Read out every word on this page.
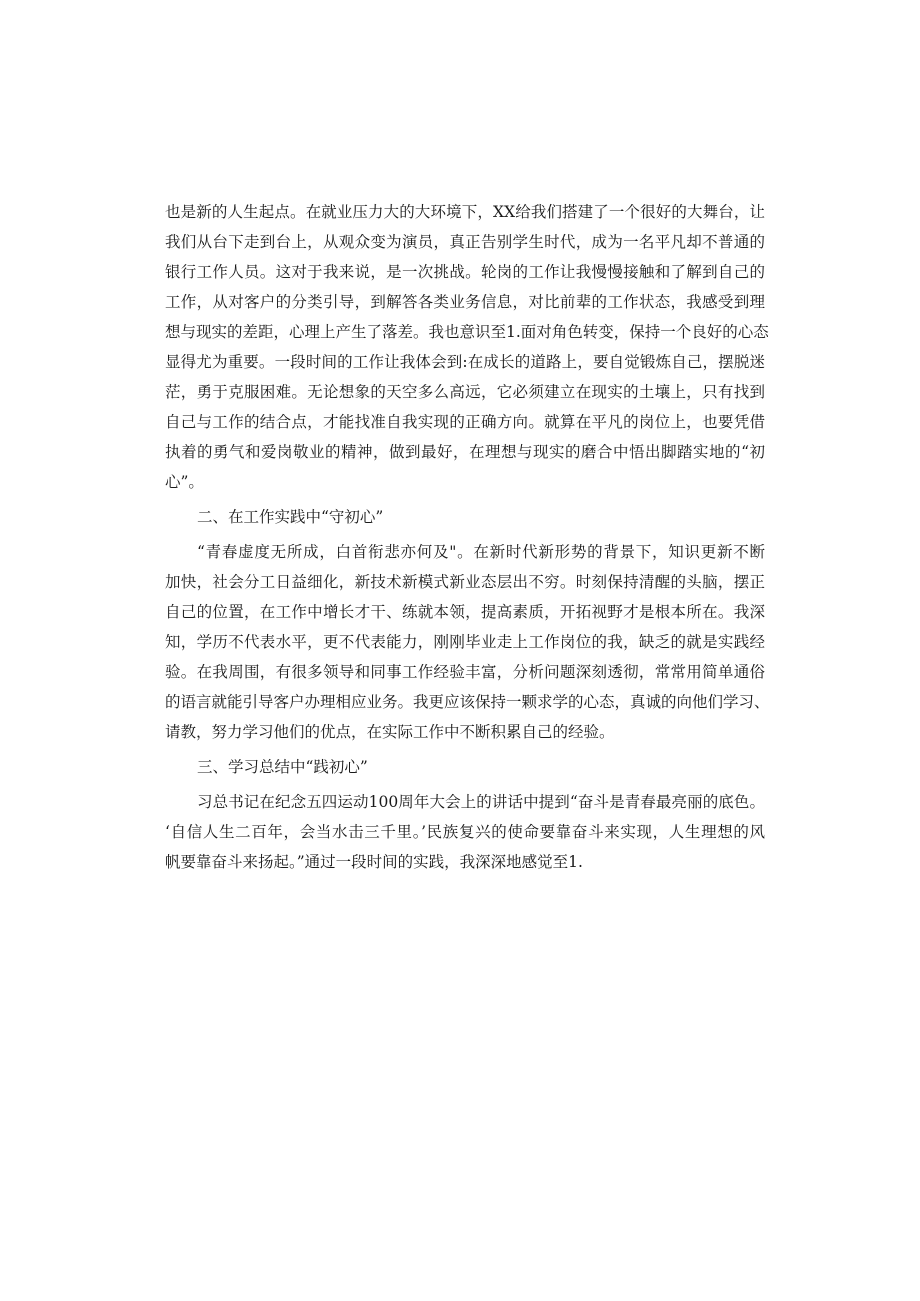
也是新的人生起点。在就业压力大的大环境下，XX给我们搭建了一个很好的大舞台，让
我们从台下走到台上，从观众变为演员，真正告别学生时代，成为一名平凡却不普通的
银行工作人员。这对于我来说，是一次挑战。轮岗的工作让我慢慢接触和了解到自己的
工作，从对客户的分类引导，到解答各类业务信息，对比前辈的工作状态，我感受到理
想与现实的差距，心理上产生了落差。我也意识至1.面对角色转变，保持一个良好的心态
显得尤为重要。一段时间的工作让我体会到:在成长的道路上，要自觉锻炼自己，摆脱迷
茫，勇于克服困难。无论想象的天空多么高远，它必须建立在现实的土壤上，只有找到
自己与工作的结合点，才能找准自我实现的正确方向。就算在平凡的岗位上，也要凭借
执着的勇气和爱岗敬业的精神，做到最好，在理想与现实的磨合中悟出脚踏实地的“初
心”。
二、在工作实践中“守初心”
“青春虚度无所成，白首衔悲亦何及"。在新时代新形势的背景下，知识更新不断
加快，社会分工日益细化，新技术新模式新业态层出不穷。时刻保持清醒的头脑，摆正
自己的位置，在工作中增长才干、练就本领，提高素质，开拓视野才是根本所在。我深
知，学历不代表水平，更不代表能力，刚刚毕业走上工作岗位的我，缺乏的就是实践经
验。在我周围，有很多领导和同事工作经验丰富，分析问题深刻透彻，常常用简单通俗
的语言就能引导客户办理相应业务。我更应该保持一颗求学的心态，真诚的向他们学习、
请教，努力学习他们的优点，在实际工作中不断积累自己的经验。
三、学习总结中“践初心”
习总书记在纪念五四运动100周年大会上的讲话中提到“奋斗是青春最亮丽的底色。
‘自信人生二百年，会当水击三千里。’民族复兴的使命要靠奋斗来实现，人生理想的风
帆要靠奋斗来扬起。”通过一段时间的实践，我深深地感觉至1.
